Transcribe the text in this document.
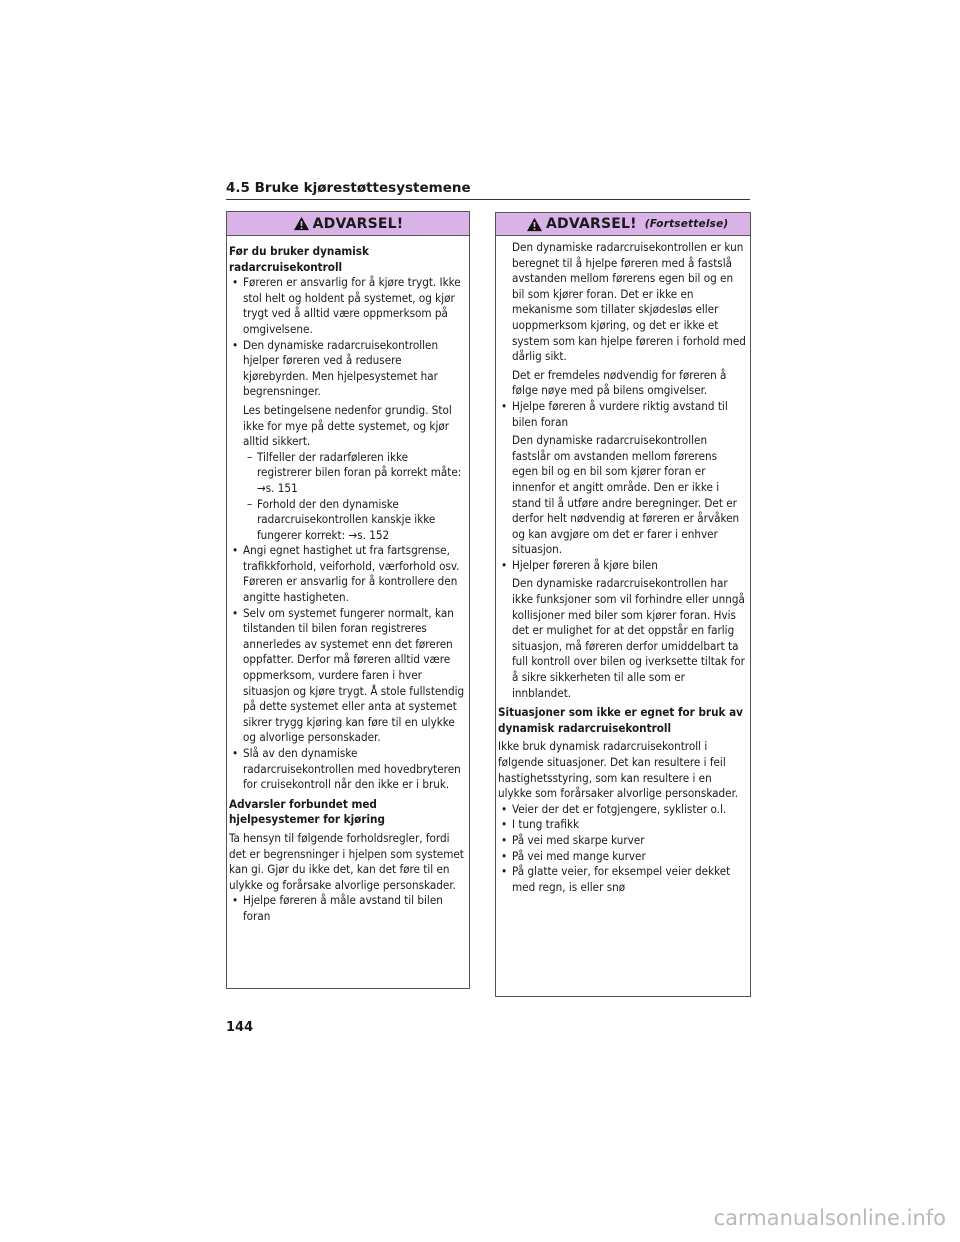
4.5 Bruke kjørestøttesystemene
ADVARSEL!

Før du bruker dynamisk radarcruisekontroll

• Føreren er ansvarlig for å kjøre trygt. Ikke stol helt og holdent på systemet, og kjør trygt ved å alltid være oppmerksom på omgivelsene.

• Den dynamiske radarcruisekontrollen hjelper føreren ved å redusere kjørebyrden. Men hjelpesystemet har begrensninger.

Les betingelsene nedenfor grundig. Stol ikke for mye på dette systemet, og kjør alltid sikkert.

– Tilfeller der radarføleren ikke registrerer bilen foran på korrekt måte: →s. 151

– Forhold der den dynamiske radarcruisekontrollen kanskje ikke fungerer korrekt: →s. 152

• Angi egnet hastighet ut fra fartsgrense, trafikkforhold, veiforhold, værforhold osv. Føreren er ansvarlig for å kontrollere den angitte hastigheten.

• Selv om systemet fungerer normalt, kan tilstanden til bilen foran registreres annerledes av systemet enn det føreren oppfatter. Derfor må føreren alltid være oppmerksom, vurdere faren i hver situasjon og kjøre trygt. Å stole fullstendig på dette systemet eller anta at systemet sikrer trygg kjøring kan føre til en ulykke og alvorlige personskader.

• Slå av den dynamiske radarcruisekontrollen med hovedbryteren for cruisekontroll når den ikke er i bruk.

Advarsler forbundet med hjelpesystemer for kjøring

Ta hensyn til følgende forholdsregler, fordi det er begrensninger i hjelpen som systemet kan gi. Gjør du ikke det, kan det føre til en ulykke og forårsake alvorlige personskader.

• Hjelpe føreren å måle avstand til bilen foran

ADVARSEL! (Fortsettelse)

Den dynamiske radarcruisekontrollen er kun beregnet til å hjelpe føreren med å fastslå avstanden mellom førerens egen bil og en bil som kjører foran. Det er ikke en mekanisme som tillater skjødesløs eller uoppmerksom kjøring, og det er ikke et system som kan hjelpe føreren i forhold med dårlig sikt.

Det er fremdeles nødvendig for føreren å følge nøye med på bilens omgivelser.

• Hjelpe føreren å vurdere riktig avstand til bilen foran

Den dynamiske radarcruisekontrollen fastslår om avstanden mellom førerens egen bil og en bil som kjører foran er innenfor et angitt område. Den er ikke i stand til å utføre andre beregninger. Det er derfor helt nødvendig at føreren er årvåken og kan avgjøre om det er farer i enhver situasjon.

• Hjelper føreren å kjøre bilen

Den dynamiske radarcruisekontrollen har ikke funksjoner som vil forhindre eller unngå kollisjoner med biler som kjører foran. Hvis det er mulighet for at det oppstår en farlig situasjon, må føreren derfor umiddelbart ta full kontroll over bilen og iverksette tiltak for å sikre sikkerheten til alle som er innblandet.

Situasjoner som ikke er egnet for bruk av dynamisk radarcruisekontroll

Ikke bruk dynamisk radarcruisekontroll i følgende situasjoner. Det kan resultere i feil hastighetsstyring, som kan resultere i en ulykke som forårsaker alvorlige personskader.

• Veier der det er fotgjengere, syklister o.l.

• I tung trafikk

• På vei med skarpe kurver

• På vei med mange kurver

• På glatte veier, for eksempel veier dekket med regn, is eller snø

144
carmanualsonline.info
